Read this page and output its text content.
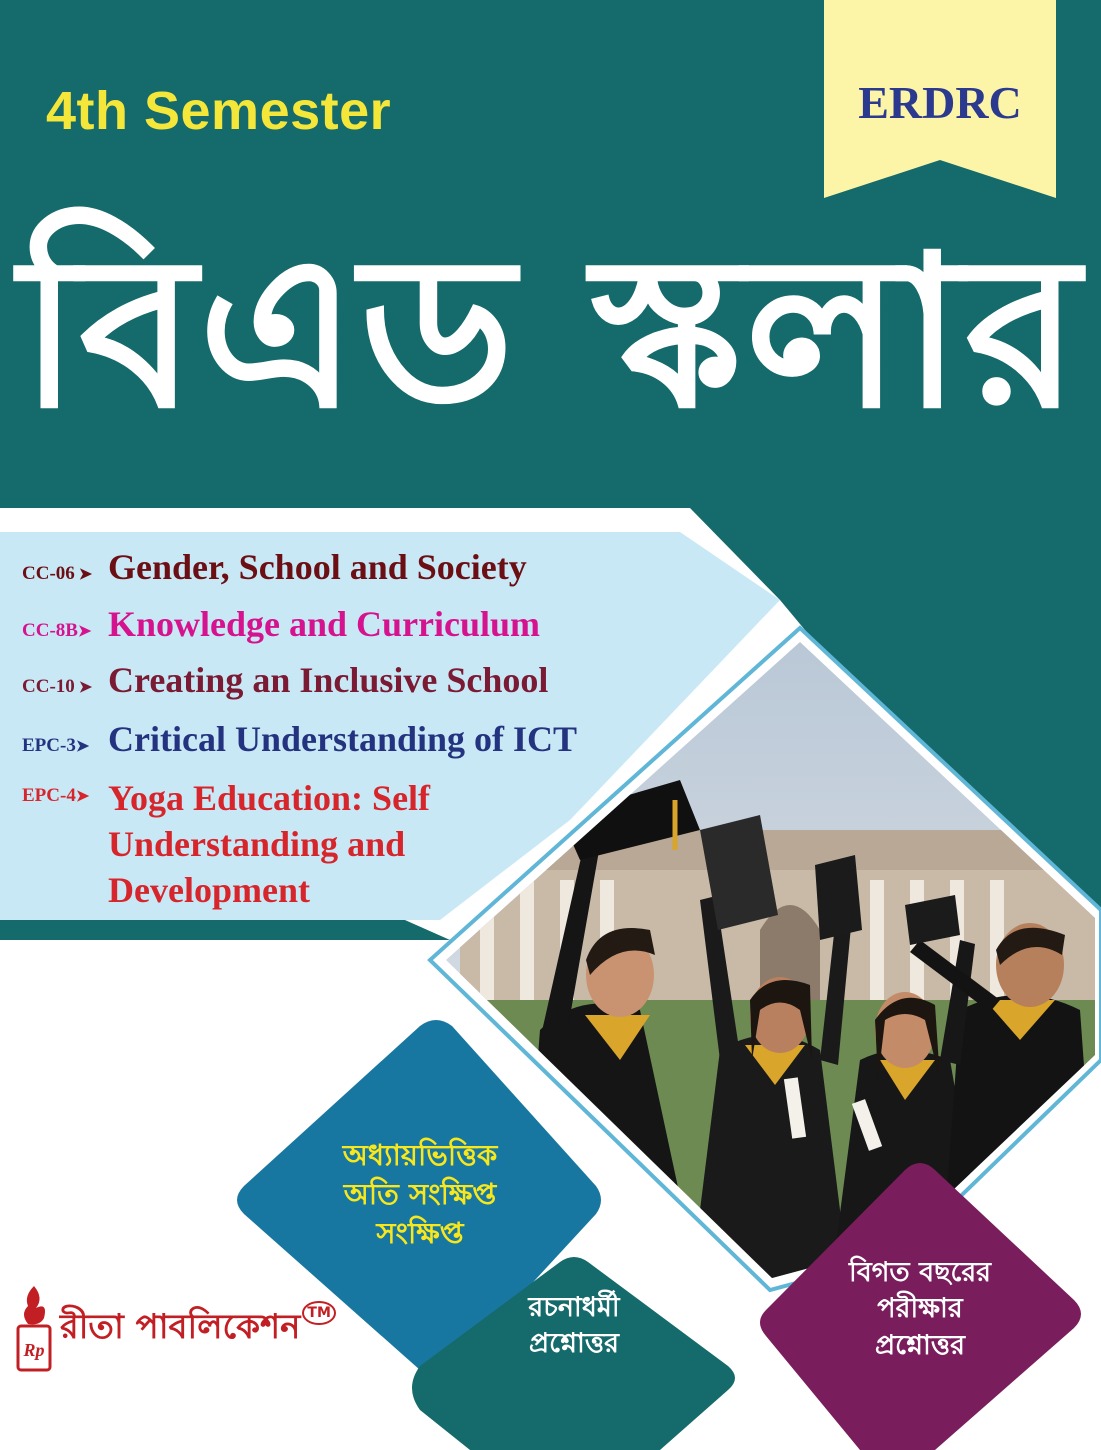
4th Semester	ERDRC
বিএড স্কলার
CC-06 ➤ Gender, School and Society
CC-8B➤ Knowledge and Curriculum
CC-10 ➤ Creating an Inclusive School
EPC-3➤ Critical Understanding of ICT
EPC-4➤ Yoga Education: Self
Understanding and
Development
অধ্যায়ভিত্তিক
অতি সংক্ষিপ্ত
সংক্ষিপ্ত
রচনাধর্মী
প্রশ্নোত্তর
বিগত বছরের
পরীক্ষার
প্রশ্নোত্তর
Rp
রীতা পাবলিকেশন TM
